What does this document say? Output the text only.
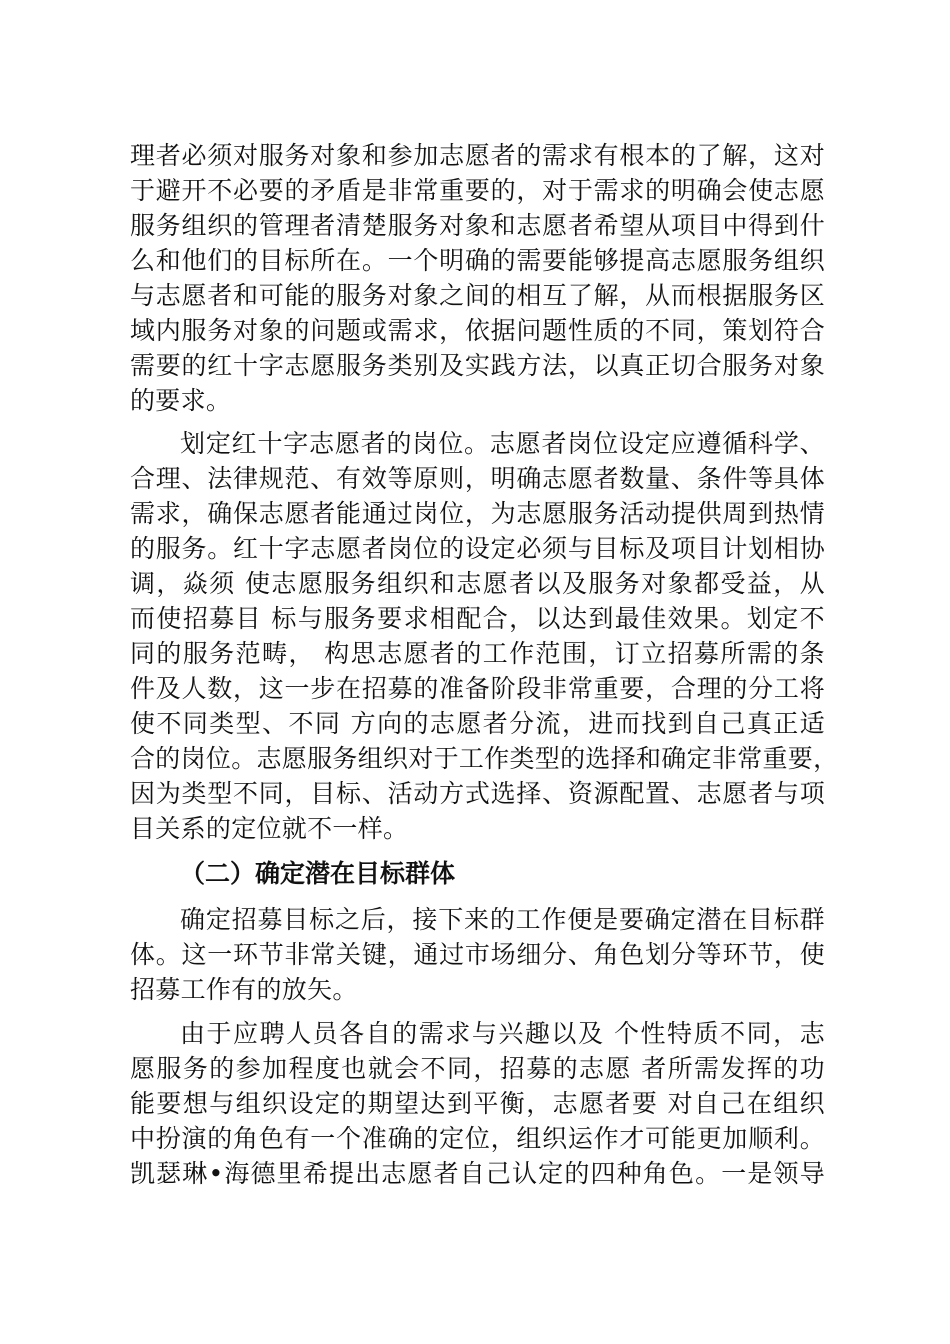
理者必须对服务对象和参加志愿者的需求有根本的了解，这对
于避开不必要的矛盾是非常重要的，对于需求的明确会使志愿
服务组织的管理者清楚服务对象和志愿者希望从项目中得到什
么和他们的目标所在。一个明确的需要能够提高志愿服务组织
与志愿者和可能的服务对象之间的相互了解，从而根据服务区
域内服务对象的问题或需求，依据问题性质的不同，策划符合
需要的红十字志愿服务类别及实践方法，以真正切合服务对象
的要求。
划定红十字志愿者的岗位。志愿者岗位设定应遵循科学、
合理、法律规范、有效等原则，明确志愿者数量、条件等具体
需求，确保志愿者能通过岗位，为志愿服务活动提供周到热情
的服务。红十字志愿者岗位的设定必须与目标及项目计划相协
调，焱须 使志愿服务组织和志愿者以及服务对象都受益，从
而使招募目 标与服务要求相配合，以达到最佳效果。划定不
同的服务范畴， 构思志愿者的工作范围，订立招募所需的条
件及人数，这一步在招募的准备阶段非常重要，合理的分工将
使不同类型、不同 方向的志愿者分流，进而找到自己真正适
合的岗位。志愿服务组织对于工作类型的选择和确定非常重要，
因为类型不同，目标、活动方式选择、资源配置、志愿者与项
目关系的定位就不一样。
（二）确定潜在目标群体
确定招募目标之后，接下来的工作便是要确定潜在目标群
体。这一环节非常关键，通过市场细分、角色划分等环节，使
招募工作有的放矢。
由于应聘人员各自的需求与兴趣以及 个性特质不同，志
愿服务的参加程度也就会不同，招募的志愿 者所需发挥的功
能要想与组织设定的期望达到平衡，志愿者要 对自己在组织
中扮演的角色有一个准确的定位，组织运作才可能更加顺利。
凯瑟琳•海德里希提出志愿者自己认定的四种角色。一是领导
